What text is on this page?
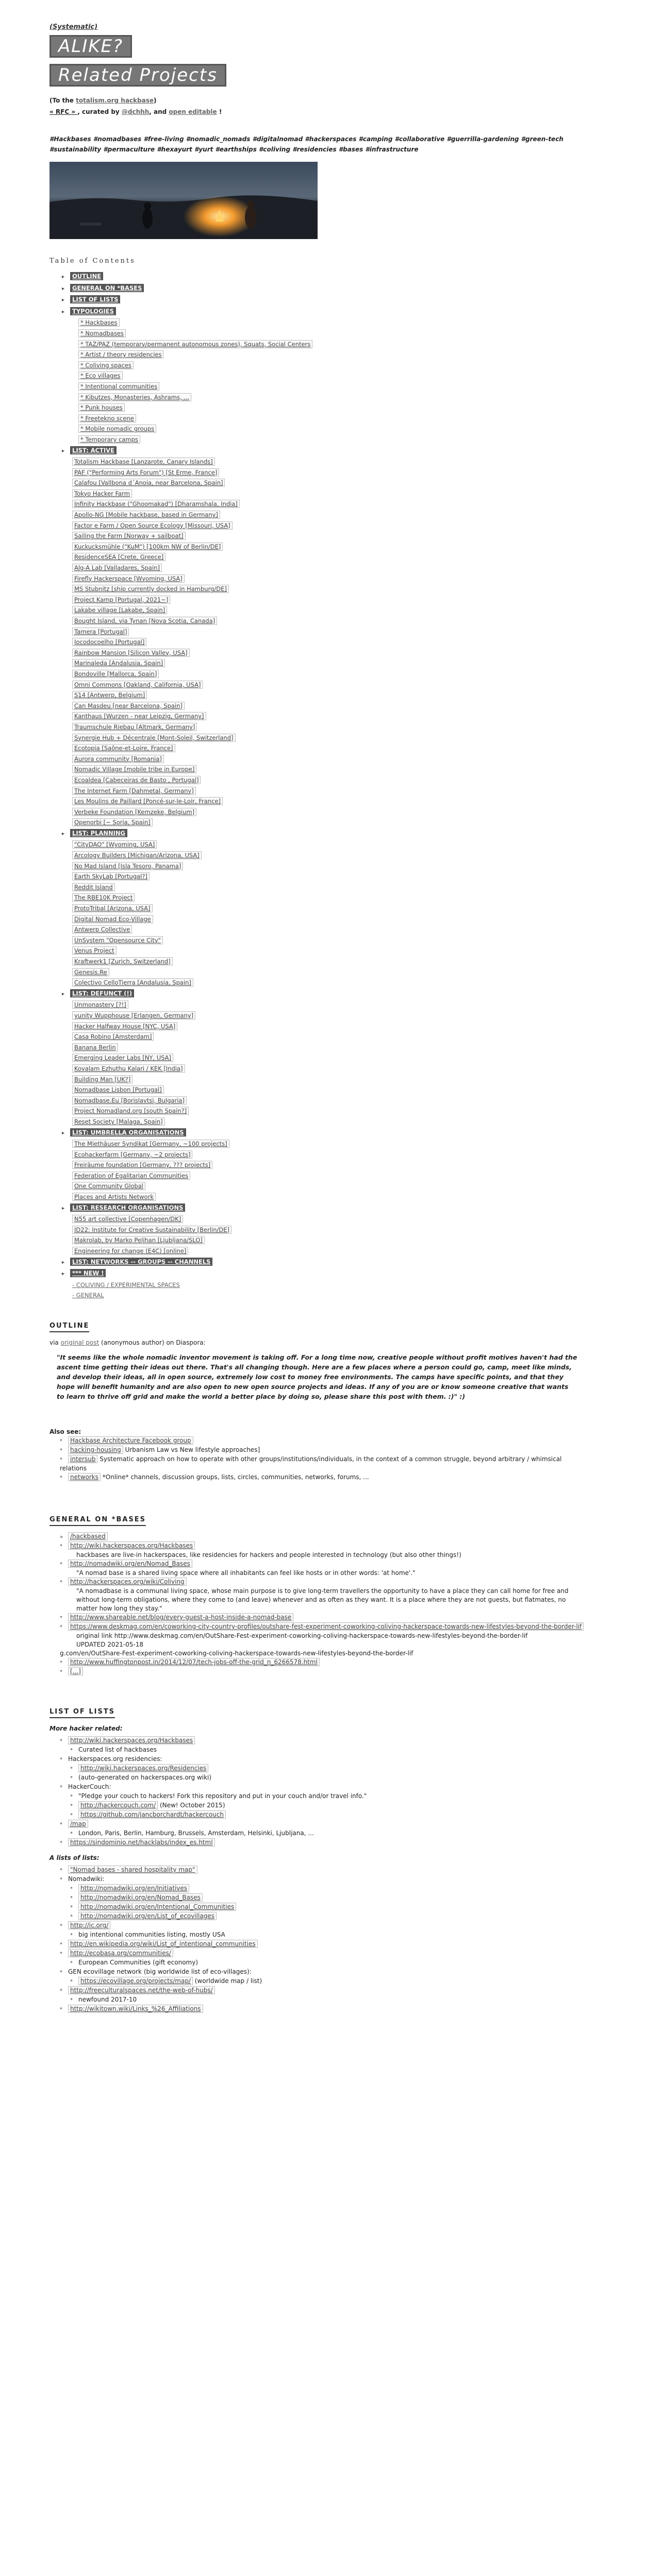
(Systematic)
ALIKE?
Related Projects
(To the totalism.org hackbase)
« RFC » , curated by @dchhh, and open editable !
#Hackbases #nomadbases #free-living #nomadic_nomads #digitalnomad #hackerspaces #camping #collaborative #guerrilla-gardening #green-tech #sustainability #permaculture #hexayurt #yurt #earthships #coliving #residencies #bases #infrastructure
Table of Contents
▸ OUTLINE
▸ GENERAL ON *BASES
▸ LIST OF LISTS
▸ TYPOLOGIES
* Hackbases
* Nomadbases
* TAZ/PAZ (temporary/permanent autonomous zones), Squats, Social Centers
* Artist / theory residencies
* Coliving spaces
* Eco villages
* Intentional communities
* Kibutzes, Monasteries, Ashrams, ...
* Punk houses
* Freeteknо scene
* Mobile nomadic groups
* Temporary camps
▸ LIST: ACTIVE
Totalism Hackbase [Lanzarote, Canary Islands]
PAF ("Performing Arts Forum") [St Erme, France]
Calafou [Vallbona d´Anoia, near Barcelona, Spain]
Tokyo Hacker Farm
Infinity Hackbase ("Ghoomakad") [Dharamshala, India]
Apollo-NG [Mobile hackbase, based in Germany]
Factor e Farm / Open Source Ecology [Missouri, USA]
Sailing the Farm [Norway + sailboat]
Kuckucksmühle ("KuM") [100km NW of Berlin/DE]
ResidenceSEA [Crete, Greece]
Alg-A Lab [Valladares, Spain]
Firefly Hackerspace [Wyoming, USA]
MS Stubnitz [ship currently docked in Hamburg/DE]
Project Kamp [Portugal, 2021~]
Lakabe village [Lakabe, Spain]
Bought Island, via Tynan [Nova Scotia, Canada]
Tamera [Portugal]
Iocodocoelho [Portugal]
Rainbow Mansion [Silicon Valley, USA]
Marinaleda [Andalusia, Spain]
Bondoville [Mallorca, Spain]
Omni Commons [Oakland, California, USA]
S14 [Antwerp, Belgium]
Can Masdeu [near Barcelona, Spain]
Kanthaus [Wurzen - near Leipzig, Germany]
Traumschule Riebau [Altmark, Germany]
Synergie Hub + Décentrale [Mont-Soleil, Switzerland]
Ecotopia [Saône-et-Loire, France]
Aurora community [Romania]
Nomadic Village [mobile tribe in Europe]
Ecoaldea [Cabeceiras de Basto , Portugal]
The Internet Farm [Dahmetal, Germany]
Les Moulins de Paillard [Poncé-sur-le-Loir, France]
Verbeke Foundation [Kemzeke, Belgium]
Openorbi [~ Soria, Spain]
▸ LIST: PLANNING
"CityDAO" [Wyoming, USA]
Arcology Builders [Michigan/Arizona, USA]
No Mad Island [Isla Tesoro, Panama]
Earth SkyLab [Portugal?]
Reddit Island
The RBE10K Project
ProtoTribal [Arizona, USA]
Digital Nomad Eco-Village
Antwerp Collective
UnSystem "Opensource City"
Venus Project
Kraftwerk1 [Zurich, Switzerland]
Genesis.Re
Colectivo CelloTierra [Andalusia, Spain]
▸ LIST: DEFUNCT (!)
Unmonastery [?!]
yunity Wupphouse [Erlangen, Germany]
Hacker Halfway House [NYC, USA]
Casa Robino [Amsterdam]
Banana Berlin
Emerging Leader Labs [NY, USA]
Kovalam Ezhuthu Kalari / KEK [India]
Building Man [UK?]
Nomadbase Lisbon [Portugal]
Nomadbase.Eu [Borislavtsi, Bulgaria]
Project Nomadland.org [south Spain?]
Reset Society [Malaga, Spain]
▸ LIST: UMBRELLA ORGANISATIONS
The Miethäuser Syndikat [Germany, ~100 projects]
Ecohackerfarm [Germany, ~2 projects]
Freiräume foundation [Germany, ??? projects]
Federation of Egalitarian Communities
One Community Global
Places and Artists Network
▸ LIST: RESEARCH ORGANISATIONS
N55 art collective [Copenhagen/DK]
ID22: Institute for Creative Sustainability [Berlin/DE]
Makrolab, by Marko Peljhan [Ljubljana/SLO]
Engineering for change (E4C) [online]
▸ LIST: NETWORKS -- GROUPS -- CHANNELS
▸ *** NEW !
- COLIVING / EXPERIMENTAL SPACES
- GENERAL
OUTLINE
via original post (anonymous author) on Diaspora:
"It seems like the whole nomadic inventor movement is taking off. For a long time now, creative people without profit motives haven't had the ascent time getting their ideas out there. That's all changing though. Here are a few places where a person could go, camp, meet like minds, and develop their ideas, all in open source, extremely low cost to money free environments. The camps have specific points, and that they hope will benefit humanity and are also open to new open source projects and ideas. If any of you are or know someone creative that wants to learn to thrive off grid and make the world a better place by doing so, please share this post with them. :)" :)
Also see:
* Hackbase Architecture Facebook group
* hacking-housing Urbanism Law vs New lifestyle approaches]
* intersub Systematic approach on how to operate with other groups/institutions/individuals, in the context of a common struggle, beyond arbitrary / whimsical relations
* networks *Online* channels, discussion groups, lists, circles, communities, networks, forums, ...
GENERAL ON *BASES
» /hackbased
* http://wiki.hackerspaces.org/Hackbases
hackbases are live-in hackerspaces, like residencies for hackers and people interested in technology (but also other things!)
* http://nomadwiki.org/en/Nomad_Bases
"A nomad base is a shared living space where all inhabitants can feel like hosts or in other words: 'at home'."
* http://hackerspaces.org/wiki/Coliving
"A nomadbase is a communal living space, whose main purpose is to give long-term travellers the opportunity to have a place they can call home for free and without long-term obligations, where they come to (and leave) whenever and as often as they want. It is a place where they are not guests, but flatmates, no matter how long they stay."
* http://www.shareable.net/blog/every-guest-a-host-inside-a-nomad-base
* https://www.deskmag.com/en/coworking-city-country-profiles/outshare-fest-experiment-coworking-coliving-hackerspace-towards-new-lifestyles-beyond-the-border-lif
original link http://www.deskmag.com/en/OutShare-Fest-experiment-coworking-coliving-hackerspace-towards-new-lifestyles-beyond-the-border-lif
UPDATED 2021-05-18
g.com/en/OutShare-Fest-experiment-coworking-coliving-hackerspace-towards-new-lifestyles-beyond-the-border-lif
* http://www.huffingtonpost.in/2014/12/07/tech-jobs-off-the-grid_n_6266578.html
* [...]
LIST OF LISTS
More hacker related:
* http://wiki.hackerspaces.org/Hackbases
* Curated list of hackbases
* Hackerspaces.org residencies:
* http://wiki.hackerspaces.org/Residencies
* (auto-generated on hackerspaces.org wiki)
* HackerCouch:
* "Pledge your couch to hackers! Fork this repository and put in your couch and/or travel info."
* http://hackercouch.com/ (New! October 2015)
* https://github.com/jancborchardt/hackercouch
* /map
* London, Paris, Berlin, Hamburg, Brussels, Amsterdam, Helsinki, Ljubljana, ...
* https://sindominio.net/hacklabs/index_es.html
A lists of lists:
* "Nomad bases - shared hospitality map"
* Nomadwiki:
* http://nomadwiki.org/en/Initiatives
* http://nomadwiki.org/en/Nomad_Bases
* http://nomadwiki.org/en/Intentional_Communities
* http://nomadwiki.org/en/List_of_ecovillages
* http://ic.org/
* big intentional communities listing, mostly USA
* http://en.wikipedia.org/wiki/List_of_intentional_communities
* http://ecobasa.org/communities/
* European Communities (gift economy)
* GEN ecovillage network (big worldwide list of eco-villages):
* https://ecovillage.org/projects/map/ (worldwide map / list)
* http://freeculturalspaces.net/the-web-of-hubs/
* newfound 2017-10
* http://wikitown.wiki/Links_%26_Affiliations
